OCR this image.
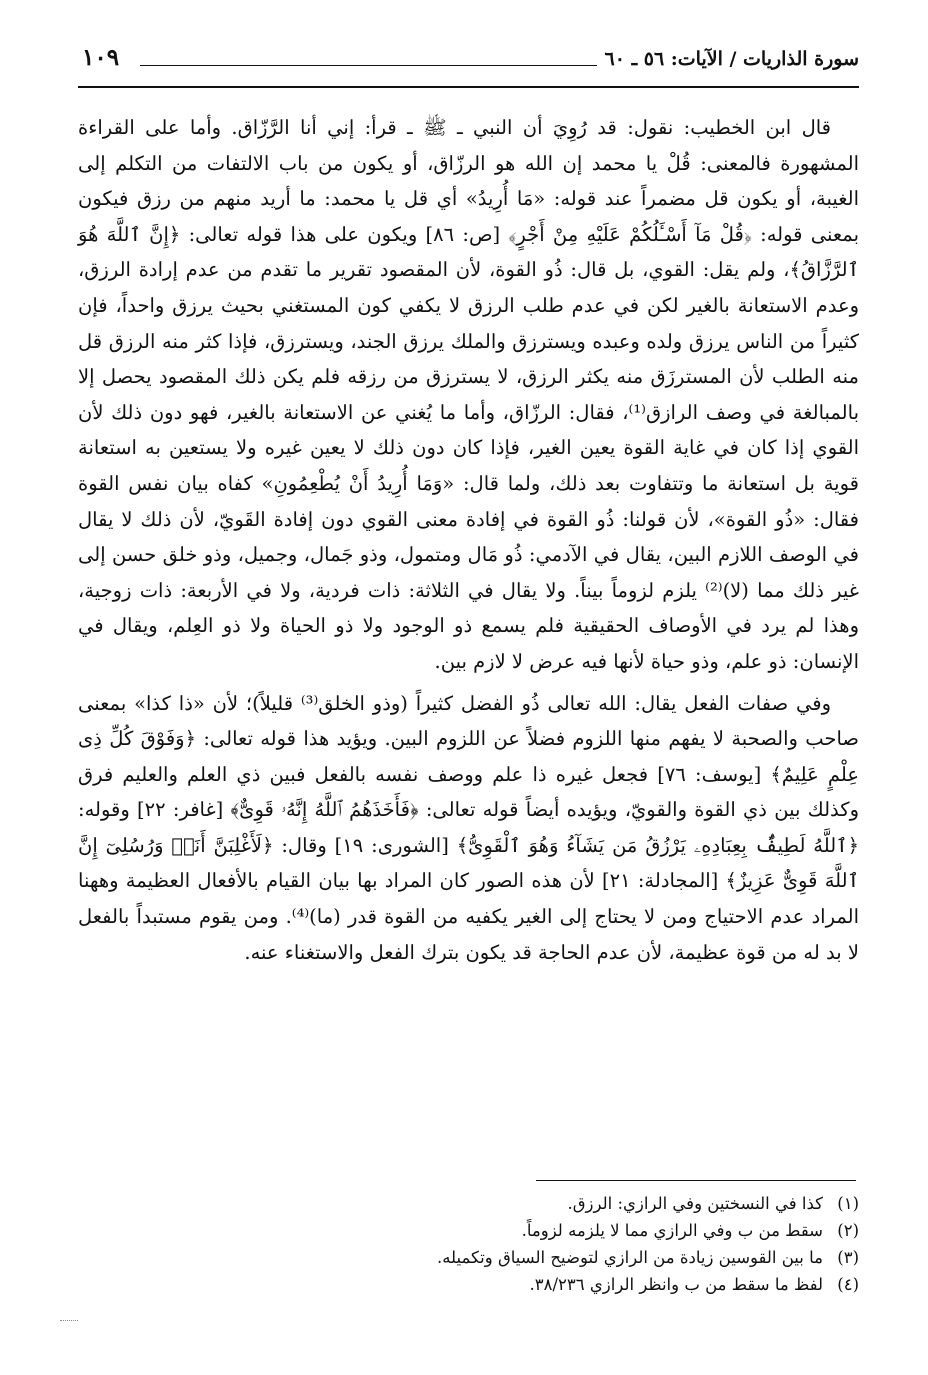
سورة الذاريات / الآيات: ٥٦ ـ ٦٠
١٠٩

قال ابن الخطيب: نقول: قد رُوِيَ أن النبي ـ ﷺ ـ قرأ: إني أنا الرَّزّاق. وأما على القراءة المشهورة فالمعنى: قُلْ يا محمد إن الله هو الرزّاق، أو يكون من باب الالتفات من التكلم إلى الغيبة، أو يكون قل مضمراً عند قوله: «مَا أُرِيدُ» أي قل يا محمد: ما أريد منهم من رزق فيكون بمعنى قوله: ﴿قُلْ مَآ أَسْـَٔلُكُمْ عَلَيْهِ مِنْ أَجْرٍ﴾ [ص: ٨٦] ويكون على هذا قوله تعالى: ﴿إِنَّ ٱللَّهَ هُوَ ٱلرَّزَّاقُ﴾، ولم يقل: القوي، بل قال: ذُو القوة، لأن المقصود تقرير ما تقدم من عدم إرادة الرزق، وعدم الاستعانة بالغير لكن في عدم طلب الرزق لا يكفي كون المستغني بحيث يرزق واحداً، فإن كثيراً من الناس يرزق ولده وعبده ويسترزق والملك يرزق الجند، ويسترزق، فإذا كثر منه الرزق قل منه الطلب لأن المسترزَق منه يكثر الرزق، لا يسترزق من رزقه فلم يكن ذلك المقصود يحصل إلا بالمبالغة في وصف الرازق⁽¹⁾، فقال: الرزّاق، وأما ما يُغني عن الاستعانة بالغير، فهو دون ذلك لأن القوي إذا كان في غاية القوة يعين الغير، فإذا كان دون ذلك لا يعين غيره ولا يستعين به استعانة قوية بل استعانة ما وتتفاوت بعد ذلك، ولما قال: «وَمَا أُرِيدُ أَنْ يُطْعِمُونِ» كفاه بيان نفس القوة فقال: «ذُو القوة»، لأن قولنا: ذُو القوة في إفادة معنى القوي دون إفادة القَويّ، لأن ذلك لا يقال في الوصف اللازم البين، يقال في الآدمي: ذُو مَال ومتمول، وذو جَمال، وجميل، وذو خلق حسن إلى غير ذلك مما (لا)⁽²⁾ يلزم لزوماً بيناً. ولا يقال في الثلاثة: ذات فردية، ولا في الأربعة: ذات زوجية، وهذا لم يرد في الأوصاف الحقيقية فلم يسمع ذو الوجود ولا ذو الحياة ولا ذو العِلم، ويقال في الإنسان: ذو علم، وذو حياة لأنها فيه عرض لا لازم بين.

وفي صفات الفعل يقال: الله تعالى ذُو الفضل كثيراً (وذو الخلق⁽³⁾ قليلاً)؛ لأن «ذا كذا» بمعنى صاحب والصحبة لا يفهم منها اللزوم فضلاً عن اللزوم البين. ويؤيد هذا قوله تعالى: ﴿وَفَوْقَ كُلِّ ذِى عِلْمٍ عَلِيمٌ﴾ [يوسف: ٧٦] فجعل غيره ذا علم ووصف نفسه بالفعل فبين ذي العلم والعليم فرق وكذلك بين ذي القوة والقويّ، ويؤيده أيضاً قوله تعالى: ﴿فَأَخَذَهُمُ ٱللَّهُ إِنَّهُۥ قَوِىٌّ﴾ [غافر: ٢٢] وقوله: ﴿ٱللَّهُ لَطِيفٌۢ بِعِبَادِهِۦ يَرْزُقُ مَن يَشَآءُ وَهُوَ ٱلْقَوِىُّ﴾ [الشورى: ١٩] وقال: ﴿لَأَغْلِبَنَّ أَنَا۠ وَرُسُلِىٓ إِنَّ ٱللَّهَ قَوِىٌّ عَزِيزٌ﴾ [المجادلة: ٢١] لأن هذه الصور كان المراد بها بيان القيام بالأفعال العظيمة وههنا المراد عدم الاحتياج ومن لا يحتاج إلى الغير يكفيه من القوة قدر (ما)⁽⁴⁾. ومن يقوم مستبداً بالفعل لا بد له من قوة عظيمة، لأن عدم الحاجة قد يكون بترك الفعل والاستغناء عنه.

(١)كذا في النسختين وفي الرازي: الرزق.
(٢)سقط من ب وفي الرازي مما لا يلزمه لزوماً.
(٣)ما بين القوسين زيادة من الرازي لتوضيح السياق وتكميله.
(٤)لفظ ما سقط من ب وانظر الرازي ٣٨/٢٣٦.
